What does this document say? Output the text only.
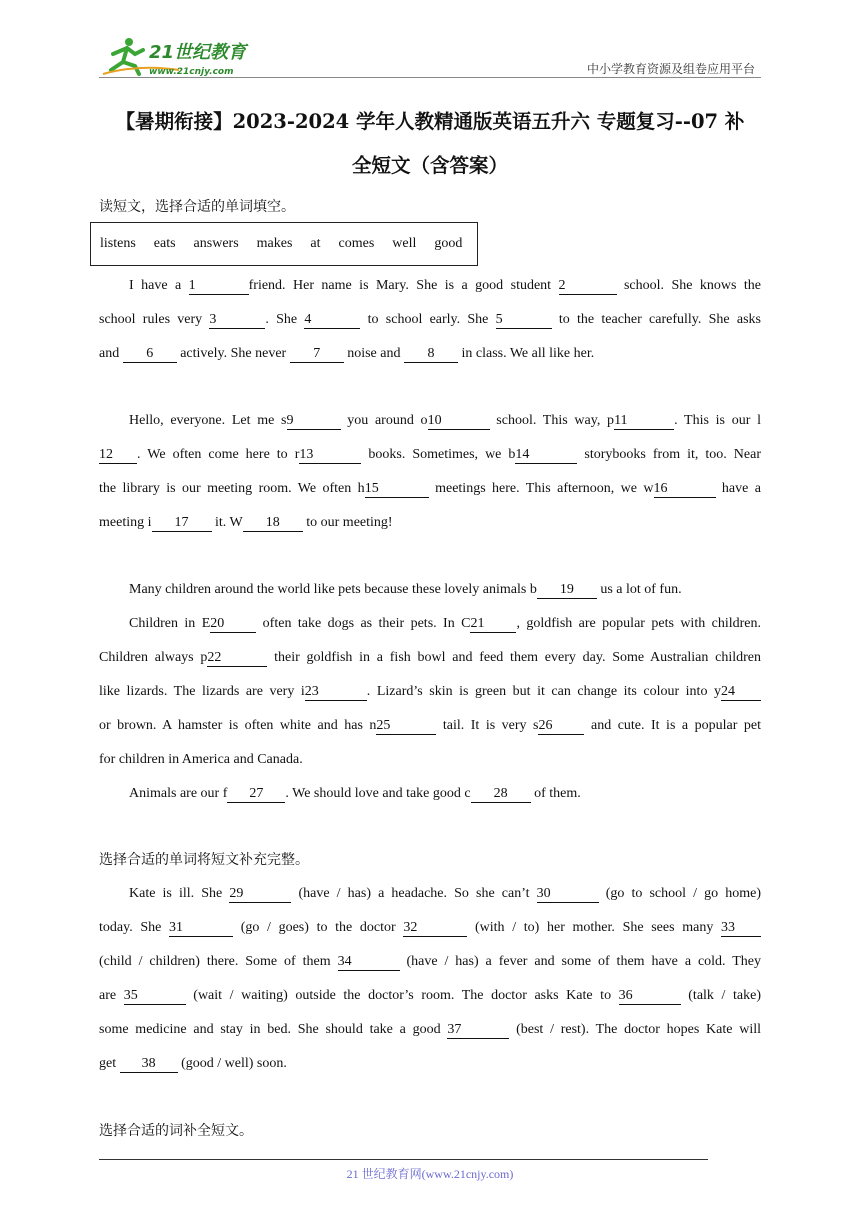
21世纪教育
www.21cnjy.com	中小学教育资源及组卷应用平台
【暑期衔接】2023-2024 学年人教精通版英语五升六 专题复习--07 补
全短文（含答案）
读短文，选择合适的单词填空。
listens eats answers makes at comes well good
I have a 1	friend. Her name is Mary. She is a good student 2	school. She knows the
school rules very 3	. She 4	to school early. She 5	to the teacher carefully. She asks
and 6 actively. She never 7 noise and 8 in class. We all like her.
Hello, everyone. Let me s9	you around o10	school. This way, p11	. This is our l
12 . We often come here to r13	books. Sometimes, we b14	storybooks from it, too. Near
the library is our meeting room. We often h15	meetings here. This afternoon, we w16	have a
meeting i 17 it. W 18 to our meeting!
Many children around the world like pets because these lovely animals b 19 us a lot of fun.
Children in E20 often take dogs as their pets. In C21 , goldfish are popular pets with children.
Children always p22	their goldfish in a fish bowl and feed them every day. Some Australian children
like lizards. The lizards are very i23	. Lizard’s skin is green but it can change its colour into y24
or brown. A hamster is often white and has n25	tail. It is very s26 and cute. It is a popular pet
for children in America and Canada.
Animals are our f 27 . We should love and take good c 28 of them.
选择合适的单词将短文补充完整。
Kate is ill. She 29	(have / has) a headache. So she can’t 30	(go to school / go home)
today. She 31	(go / goes) to the doctor 32	(with / to) her mother. She sees many 33
(child / children) there. Some of them 34	(have / has) a fever and some of them have a cold. They
are 35	(wait / waiting) outside the doctor’s room. The doctor asks Kate to 36	(talk / take)
some medicine and stay in bed. She should take a good 37	(best / rest). The doctor hopes Kate will
get 38 (good / well) soon.
选择合适的词补全短文。
21 世纪教育网(www.21cnjy.com)
